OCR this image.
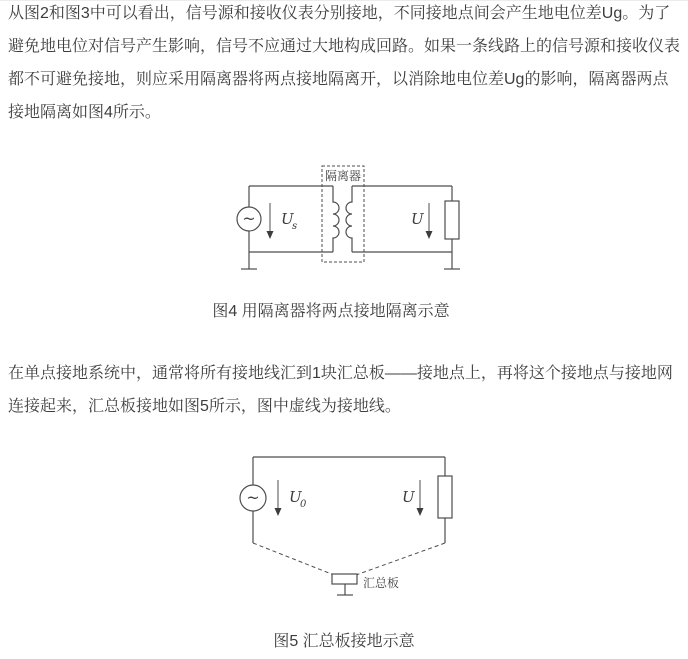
从图2和图3中可以看出，信号源和接收仪表分别接地，不同接地点间会产生地电位差Ug。为了避免地电位对信号产生影响，信号不应通过大地构成回路。如果一条线路上的信号源和接收仪表都不可避免接地，则应采用隔离器将两点接地隔离开，以消除地电位差Ug的影响，隔离器两点接地隔离如图4所示。

~ U
s
隔离器
U

图4 用隔离器将两点接地隔离示意

在单点接地系统中，通常将所有接地线汇到1块汇总板——接地点上，再将这个接地点与接地网连接起来，汇总板接地如图5所示，图中虚线为接地线。

~ U
0	U
汇总板

图5 汇总板接地示意
